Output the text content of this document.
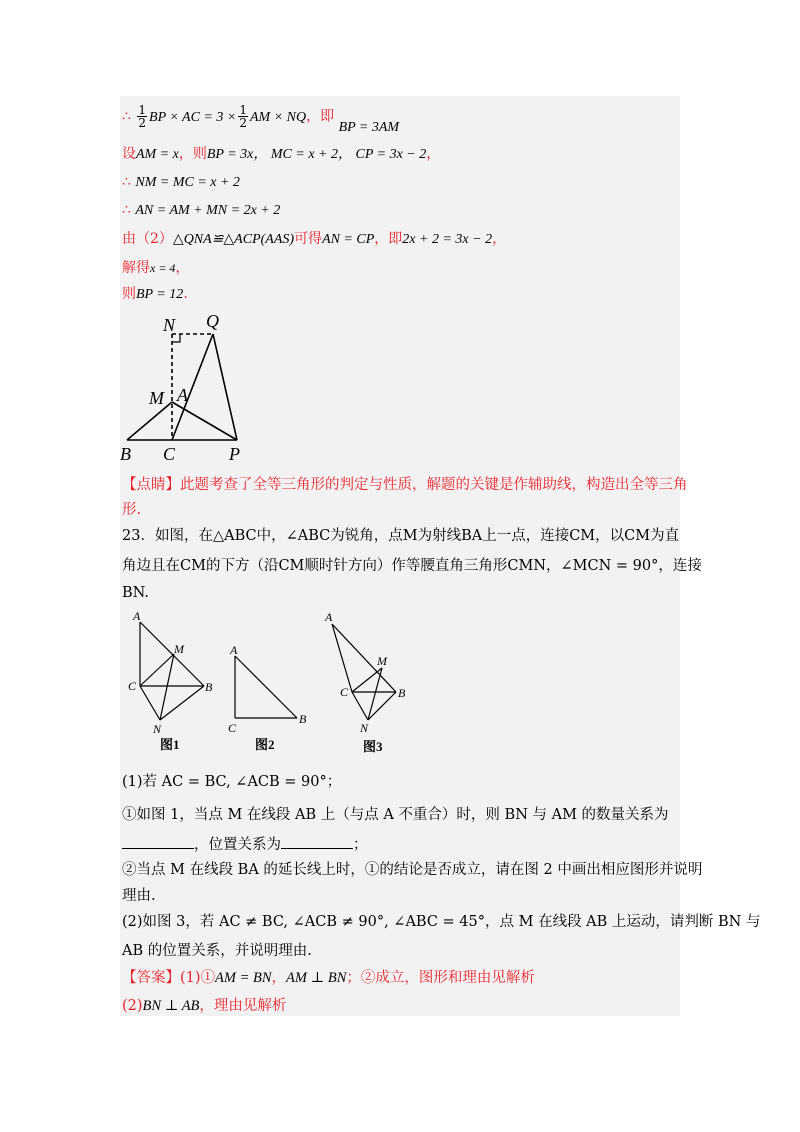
∴ $\frac{1}{2}$ BP × AC = $3 \times \frac{1}{2}$ AM × NQ，即 BP = 3AM
设AM = x，则BP = 3x， MC = x + 2， CP = 3x − 2，
∴ NM = MC = x + 2
∴ AN = AM + MN = 2x + 2
由（2）△QNA≌△ACP(AAS)可得AN = CP，即2x + 2 = 3x − 2，
解得x = 4，
则BP = 12.
N Q
M A
B C	P
【点睛】此题考查了全等三角形的判定与性质，解题的关键是作辅助线，构造出全等三角
形.
23．如图，在△ABC中，∠ABC为锐角，点M为射线BA上一点，连接CM，以CM为直
角边且在CM的下方（沿CM顺时针方向）作等腰直角三角形CMN，∠MCN = 90°，连接
BN.
A
M
C	B
N
A
C
B
A
M
C	B
N
图1	图2	图3
(1)若 AC = BC, ∠ACB = 90°；
①如图 1，当点 M 在线段 AB 上（与点 A 不重合）时，则 BN 与 AM 的数量关系为
，位置关系为	；
②当点 M 在线段 BA 的延长线上时，①的结论是否成立，请在图 2 中画出相应图形并说明
理由.
(2)如图 3，若 AC ≠ BC, ∠ACB ≠ 90°, ∠ABC = 45°，点 M 在线段 AB 上运动，请判断 BN 与
AB 的位置关系，并说明理由.
【答案】(1)①AM = BN，AM ⊥ BN；②成立，图形和理由见解析
(2)BN ⊥ AB，理由见解析
